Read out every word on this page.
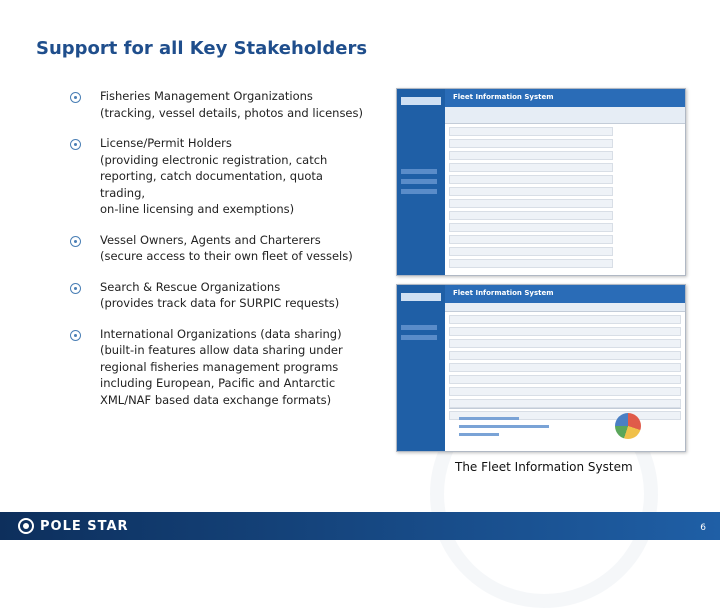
Support for all Key Stakeholders
Fisheries Management Organizations
(tracking, vessel details, photos and licenses)
License/Permit Holders
(providing electronic registration, catch
reporting, catch documentation, quota trading,
on-line licensing and exemptions)
Vessel Owners, Agents and Charterers
(secure access to their own fleet of vessels)
Search & Rescue Organizations
(provides track data for SURPIC requests)
International Organizations (data sharing)
(built-in features allow data sharing under
regional fisheries management programs
including European, Pacific and Antarctic
XML/NAF based data exchange formats)
Fleet Information System
Fleet Information System
The Fleet Information System
POLE STAR	6
